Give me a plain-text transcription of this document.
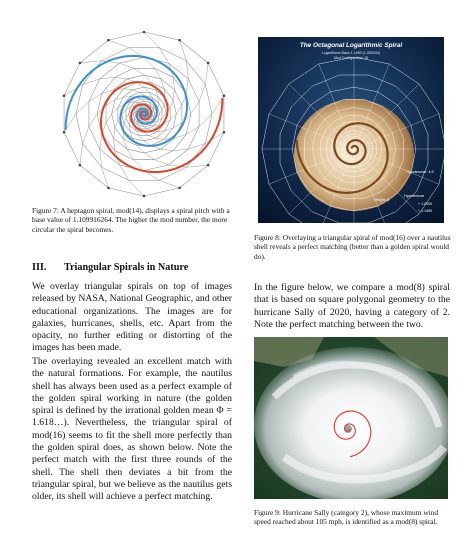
Figure 7: A heptagon spiral, mod(14), displays a spiral pitch with a base value of 1.109916264. The higher the mod number, the more circular the spiral becomes.
The Octagonal Logarithmic Spiral
Logarithmic Base 1.1490 (1.090333)
Mod Configuration 16
Hypotenuse: 4.9
Height: 6
Hypotenuse
+ 1.0000
+ 1.1490
Figure 8: Overlaying a triangular spiral of mod(16) over a nautilus shell reveals a perfect matching (better than a golden spiral would do).
III. Triangular Spirals in Nature
We overlay triangular spirals on top of images released by NASA, National Geographic, and other educational organizations. The images are for galaxies, hurricanes, shells, etc. Apart from the opacity, no further editing or distorting of the images has been made.
The overlaying revealed an excellent match with the natural formations. For example, the nautilus shell has always been used as a perfect example of the golden spiral working in nature (the golden spiral is defined by the irrational golden mean Φ = 1.618…). Nevertheless, the triangular spiral of mod(16) seems to fit the shell more perfectly than the golden spiral does, as shown below. Note the perfect match with the first three rounds of the shell. The shell then deviates a bit from the triangular spiral, but we believe as the nautilus gets older, its shell will achieve a perfect matching.
In the figure below, we compare a mod(8) spiral that is based on square polygonal geometry to the hurricane Sally of 2020, having a category of 2. Note the perfect matching between the two.
Figure 9: Hurricane Sally (category 2), whose maximum wind speed reached about 105 mph, is identified as a mod(8) spiral.
